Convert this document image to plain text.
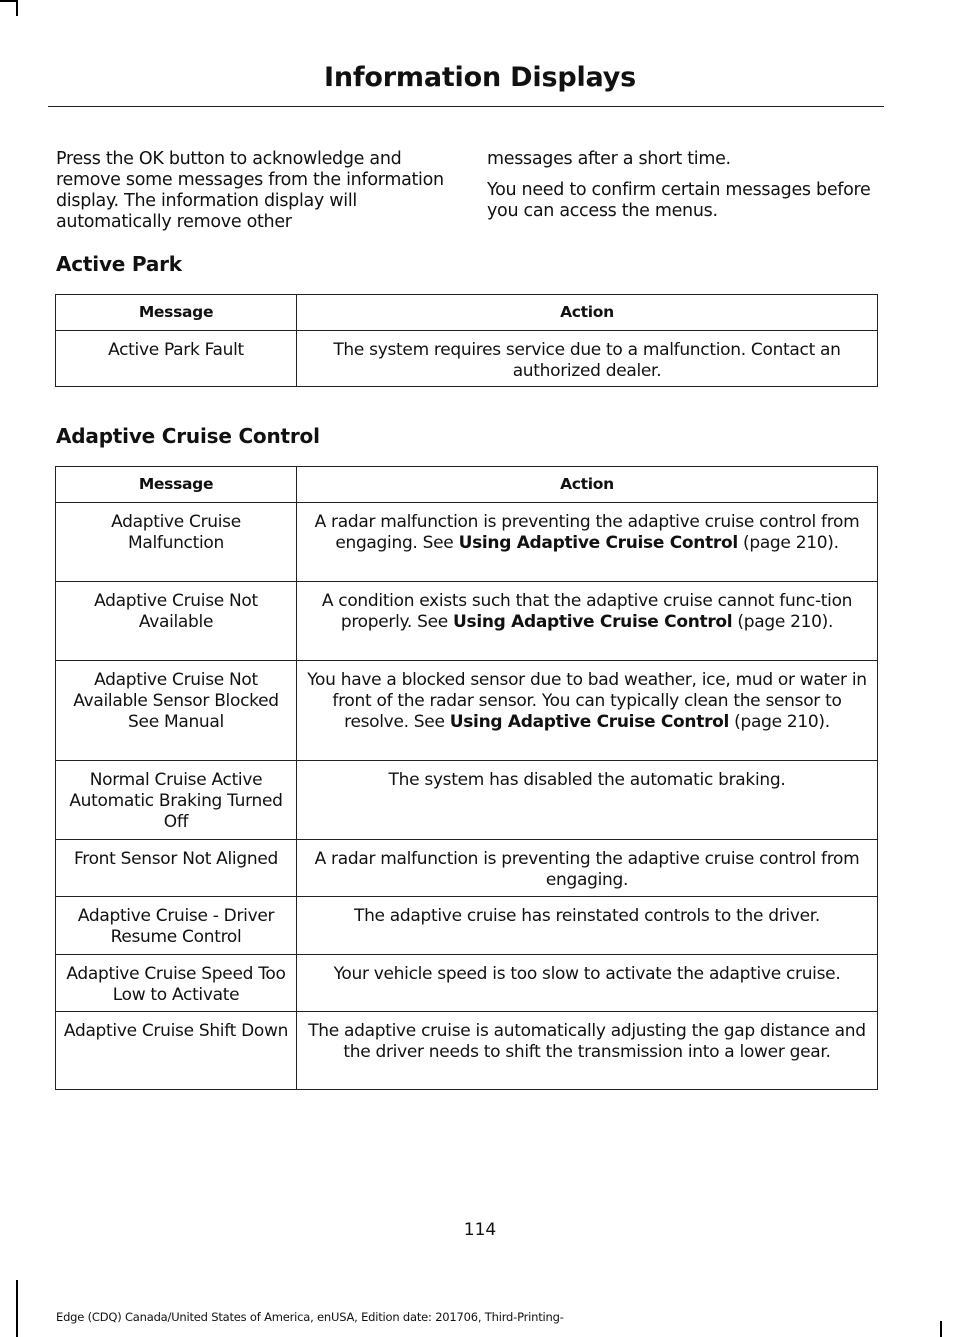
Information Displays

Press the OK button to acknowledge and remove some messages from the information display. The information display will automatically remove other

messages after a short time.

You need to confirm certain messages before you can access the menus.

Active Park
Message	Action
Active Park Fault	The system requires service due to a malfunction. Contact an authorized dealer.
Adaptive Cruise Control
Message	Action
Adaptive Cruise Malfunction	A radar malfunction is preventing the adaptive cruise control from engaging. See Using Adaptive Cruise Control (page 210).
Adaptive Cruise Not Available	A condition exists such that the adaptive cruise cannot func-tion properly. See Using Adaptive Cruise Control (page 210).
Adaptive Cruise Not Available Sensor Blocked See Manual	You have a blocked sensor due to bad weather, ice, mud or water in front of the radar sensor. You can typically clean the sensor to resolve. See Using Adaptive Cruise Control (page 210).
Normal Cruise Active Automatic Braking Turned Off	The system has disabled the automatic braking.
Front Sensor Not Aligned	A radar malfunction is preventing the adaptive cruise control from engaging.
Adaptive Cruise - Driver Resume Control	The adaptive cruise has reinstated controls to the driver.
Adaptive Cruise Speed Too Low to Activate	Your vehicle speed is too slow to activate the adaptive cruise.
Adaptive Cruise Shift Down	The adaptive cruise is automatically adjusting the gap distance and the driver needs to shift the transmission into a lower gear.
114
Edge (CDQ) Canada/United States of America, enUSA, Edition date: 201706, Third-Printing-
